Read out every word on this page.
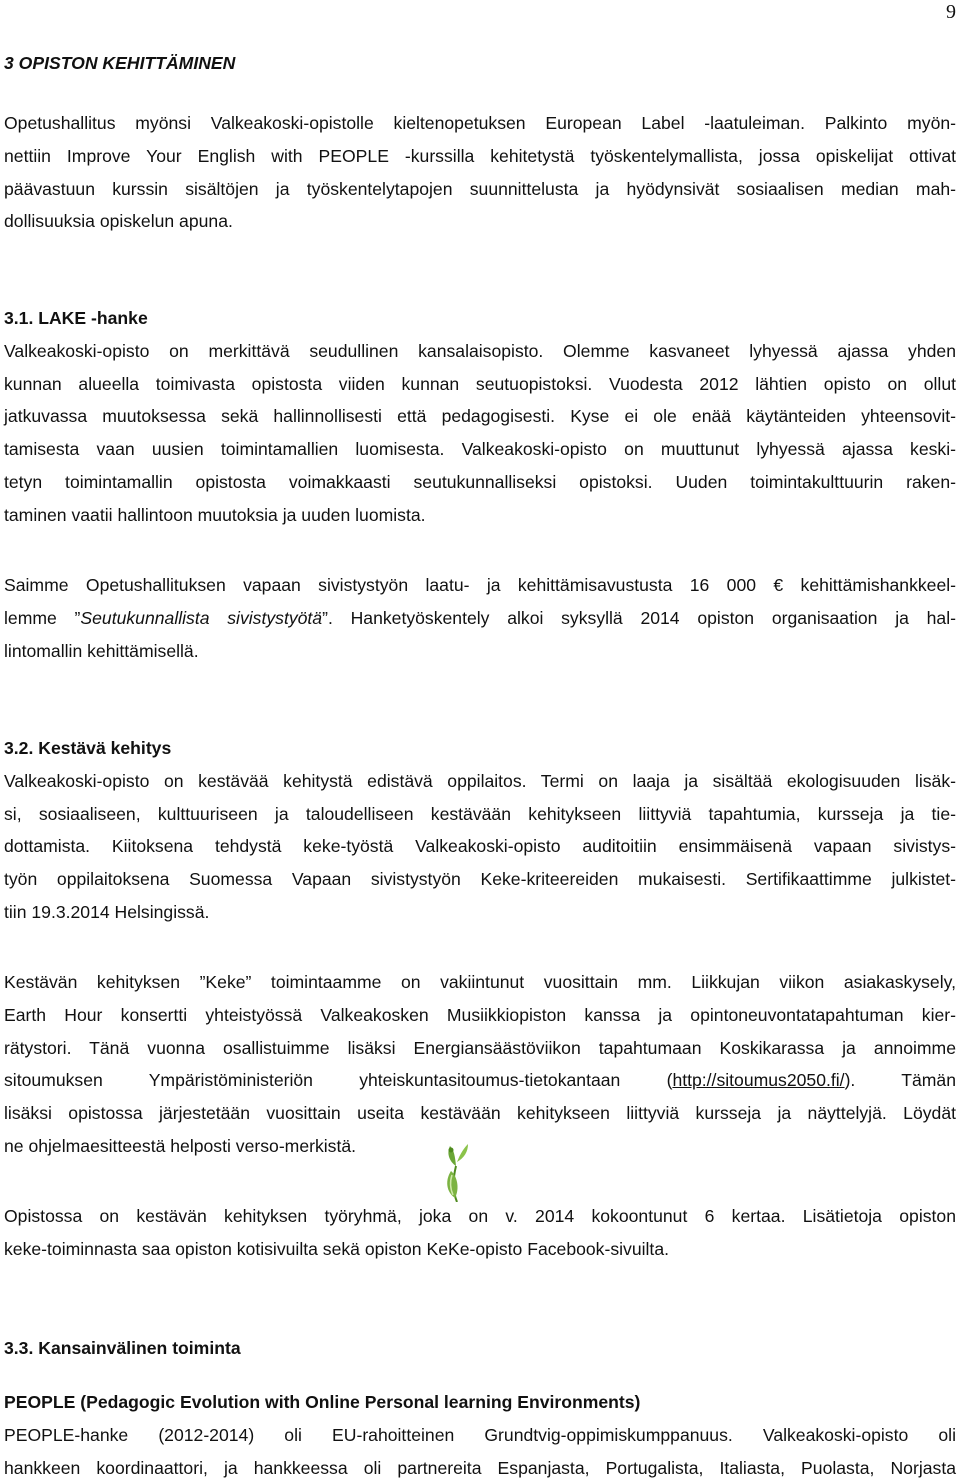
9
3 OPISTON KEHITTÄMINEN
Opetushallitus myönsi Valkeakoski-opistolle kieltenopetuksen European Label -laatuleiman. Palkinto myön-
nettiin Improve Your English with PEOPLE -kurssilla kehitetystä työskentelymallista, jossa opiskelijat ottivat
päävastuun kurssin sisältöjen ja työskentelytapojen suunnittelusta ja hyödynsivät sosiaalisen median mah-
dollisuuksia opiskelun apuna.
3.1. LAKE -hanke
Valkeakoski-opisto on merkittävä seudullinen kansalaisopisto. Olemme kasvaneet lyhyessä ajassa yhden
kunnan alueella toimivasta opistosta viiden kunnan seutuopistoksi. Vuodesta 2012 lähtien opisto on ollut
jatkuvassa muutoksessa sekä hallinnollisesti että pedagogisesti. Kyse ei ole enää käytänteiden yhteensovit-
tamisesta vaan uusien toimintamallien luomisesta. Valkeakoski-opisto on muuttunut lyhyessä ajassa keski-
tetyn toimintamallin opistosta voimakkaasti seutukunnalliseksi opistoksi. Uuden toimintakulttuurin raken-
taminen vaatii hallintoon muutoksia ja uuden luomista.
Saimme Opetushallituksen vapaan sivistystyön laatu- ja kehittämisavustusta 16 000 € kehittämishankkeel-
lemme ”Seutukunnallista sivistystyötä”. Hanketyöskentely alkoi syksyllä 2014 opiston organisaation ja hal-
lintomallin kehittämisellä.
3.2. Kestävä kehitys
Valkeakoski-opisto on kestävää kehitystä edistävä oppilaitos. Termi on laaja ja sisältää ekologisuuden lisäk-
si, sosiaaliseen, kulttuuriseen ja taloudelliseen kestävään kehitykseen liittyviä tapahtumia, kursseja ja tie-
dottamista. Kiitoksena tehdystä keke-työstä Valkeakoski-opisto auditoitiin ensimmäisenä vapaan sivistys-
työn oppilaitoksena Suomessa Vapaan sivistystyön Keke-kriteereiden mukaisesti. Sertifikaattimme julkistet-
tiin 19.3.2014 Helsingissä.
Kestävän kehityksen ”Keke” toimintaamme on vakiintunut vuosittain mm. Liikkujan viikon asiakaskysely,
Earth Hour konsertti yhteistyössä Valkeakosken Musiikkiopiston kanssa ja opintoneuvontatapahtuman kier-
rätystori. Tänä vuonna osallistuimme lisäksi Energiansäästöviikon tapahtumaan Koskikarassa ja annoimme
sitoumuksen Ympäristöministeriön yhteiskuntasitoumus-tietokantaan (http://sitoumus2050.fi/). Tämän
lisäksi opistossa järjestetään vuosittain useita kestävään kehitykseen liittyviä kursseja ja näyttelyjä. Löydät
ne ohjelmaesitteestä helposti verso-merkistä.
Opistossa on kestävän kehityksen työryhmä, joka on v. 2014 kokoontunut 6 kertaa. Lisätietoja opiston
keke-toiminnasta saa opiston kotisivuilta sekä opiston KeKe-opisto Facebook-sivuilta.
3.3. Kansainvälinen toiminta
PEOPLE (Pedagogic Evolution with Online Personal learning Environments)
PEOPLE-hanke (2012-2014) oli EU-rahoitteinen Grundtvig-oppimiskumppanuus. Valkeakoski-opisto oli
hankkeen koordinaattori, ja hankkeessa oli partnereita Espanjasta, Portugalista, Italiasta, Puolasta, Norjasta
